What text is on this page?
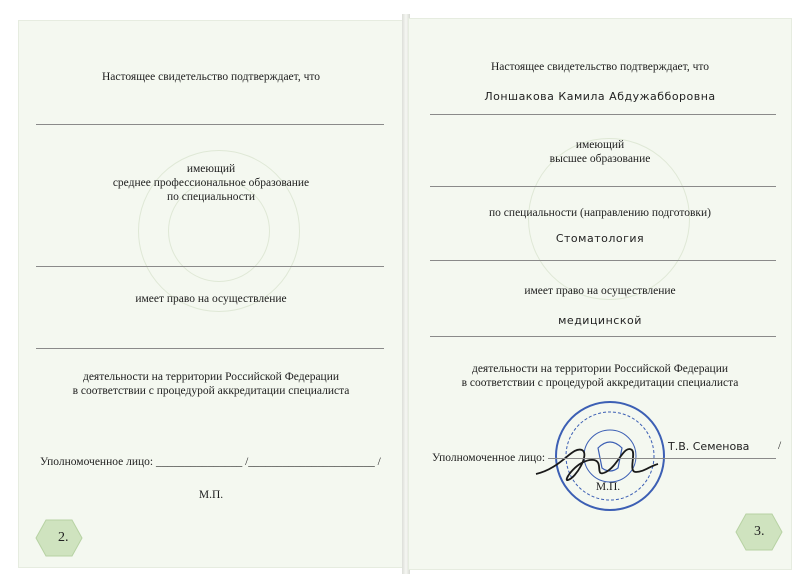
Настоящее свидетельство подтверждает, что
имеющий
среднее профессиональное образование
по специальности
имеет право на осуществление
деятельности на территории Российской Федерации
в соответствии с процедурой аккредитации специалиста
Уполномоченное лицо: _______________ /______________________ /
М.П.
2.
Настоящее свидетельство подтверждает, что
Лоншакова Камила Абдужабборовна
имеющий
высшее образование
по специальности (направлению подготовки)
Стоматология
имеет право на осуществление
медицинской
деятельности на территории Российской Федерации
в соответствии с процедурой аккредитации специалиста
Уполномоченное лицо:
Т.В. Семенова /
М.П.
3.
